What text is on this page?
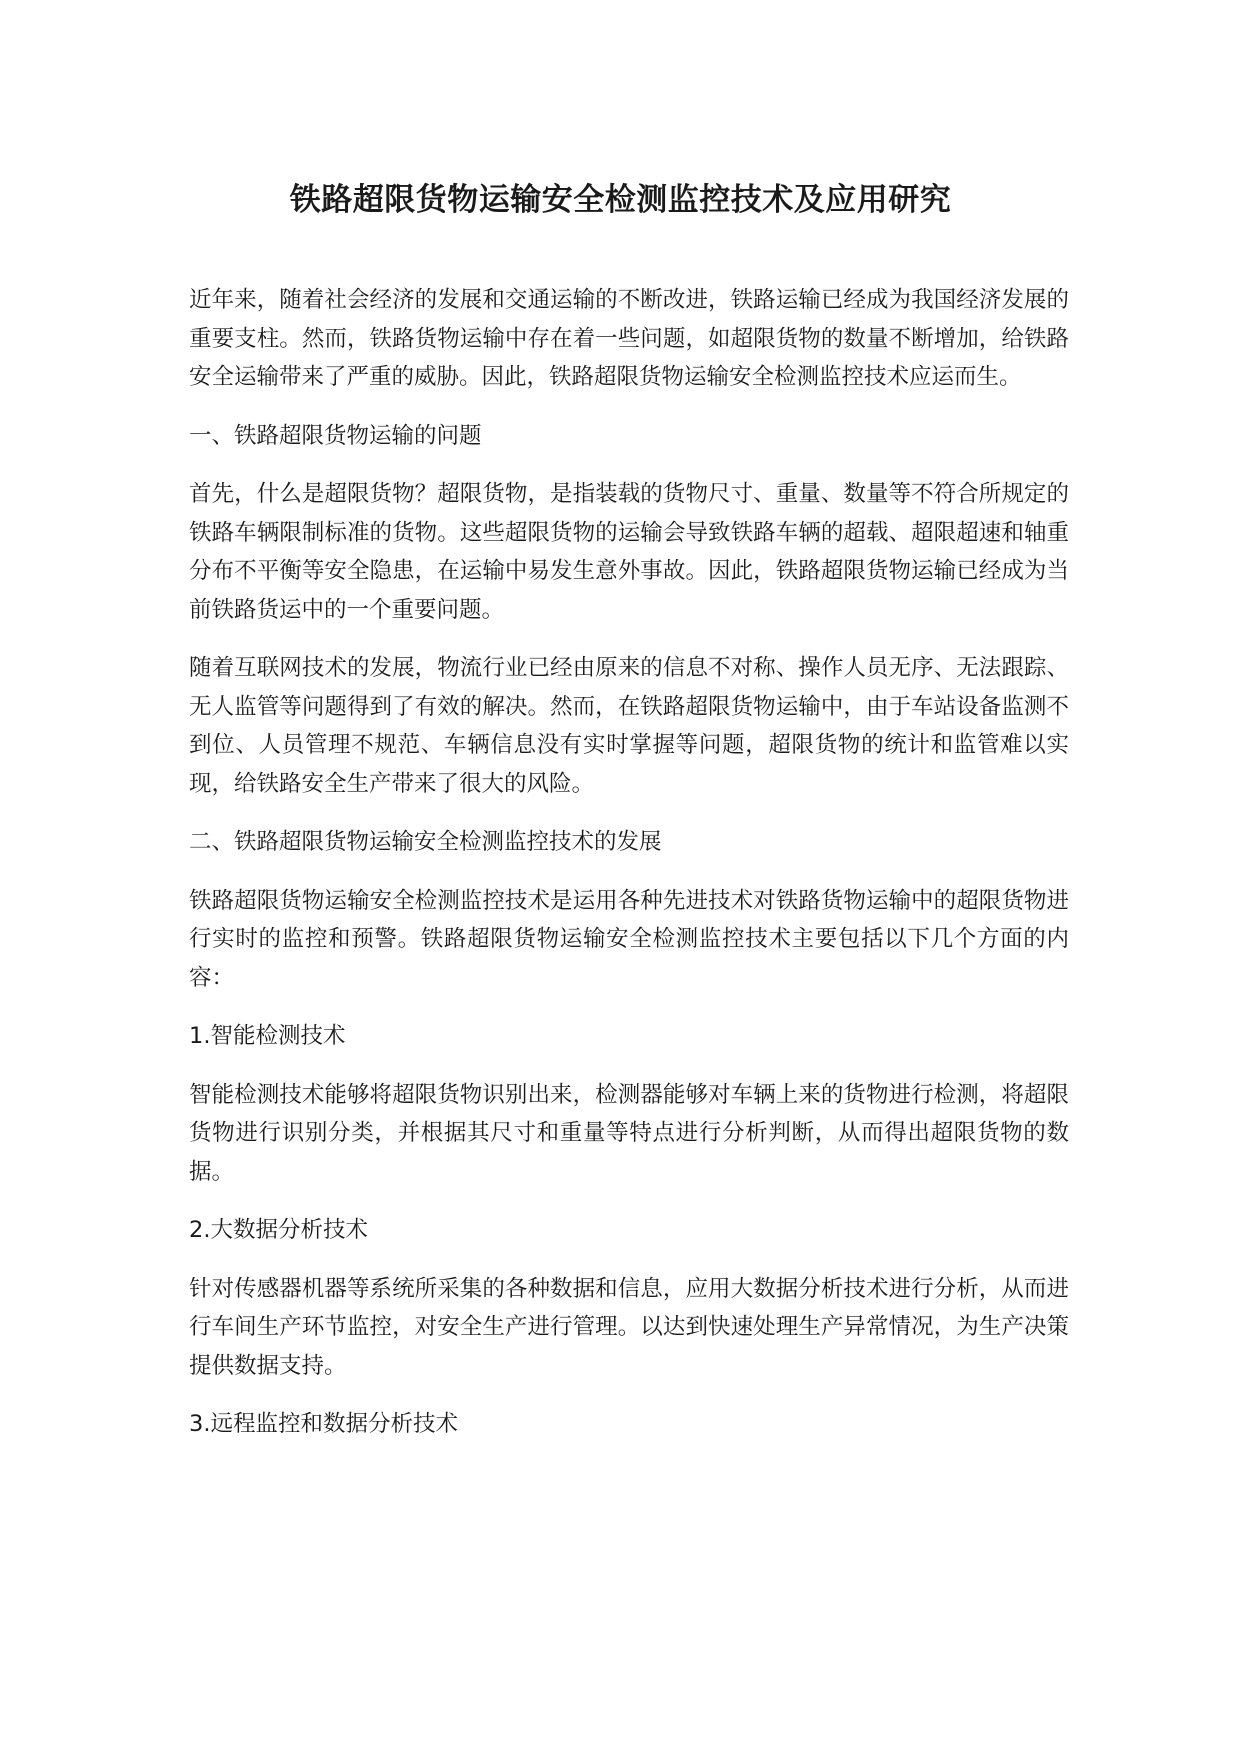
铁路超限货物运输安全检测监控技术及应用研究

近年来，随着社会经济的发展和交通运输的不断改进，铁路运输已经成为我国经济发展的重要支柱。然而，铁路货物运输中存在着一些问题，如超限货物的数量不断增加，给铁路安全运输带来了严重的威胁。因此，铁路超限货物运输安全检测监控技术应运而生。

一、铁路超限货物运输的问题

首先，什么是超限货物？超限货物，是指装载的货物尺寸、重量、数量等不符合所规定的铁路车辆限制标准的货物。这些超限货物的运输会导致铁路车辆的超载、超限超速和轴重分布不平衡等安全隐患，在运输中易发生意外事故。因此，铁路超限货物运输已经成为当前铁路货运中的一个重要问题。

随着互联网技术的发展，物流行业已经由原来的信息不对称、操作人员无序、无法跟踪、无人监管等问题得到了有效的解决。然而，在铁路超限货物运输中，由于车站设备监测不到位、人员管理不规范、车辆信息没有实时掌握等问题，超限货物的统计和监管难以实现，给铁路安全生产带来了很大的风险。

二、铁路超限货物运输安全检测监控技术的发展

铁路超限货物运输安全检测监控技术是运用各种先进技术对铁路货物运输中的超限货物进行实时的监控和预警。铁路超限货物运输安全检测监控技术主要包括以下几个方面的内容：

1.智能检测技术

智能检测技术能够将超限货物识别出来，检测器能够对车辆上来的货物进行检测，将超限货物进行识别分类，并根据其尺寸和重量等特点进行分析判断，从而得出超限货物的数据。

2.大数据分析技术

针对传感器机器等系统所采集的各种数据和信息，应用大数据分析技术进行分析，从而进行车间生产环节监控，对安全生产进行管理。以达到快速处理生产异常情况，为生产决策提供数据支持。

3.远程监控和数据分析技术
